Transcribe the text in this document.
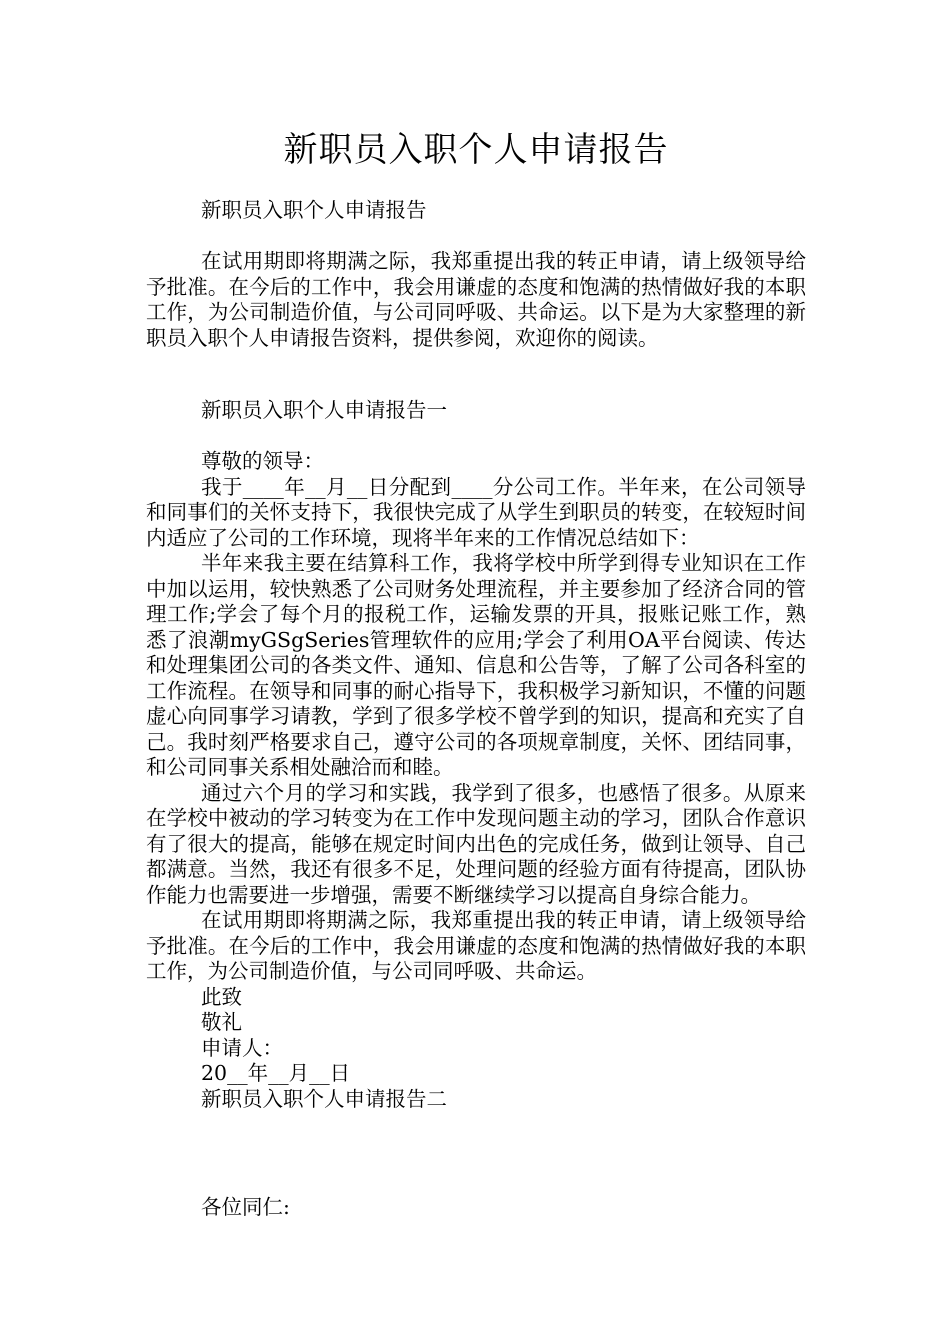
新职员入职个人申请报告

新职员入职个人申请报告

在试用期即将期满之际，我郑重提出我的转正申请，请上级领导给予批准。在今后的工作中，我会用谦虚的态度和饱满的热情做好我的本职工作，为公司制造价值，与公司同呼吸、共命运。以下是为大家整理的新职员入职个人申请报告资料，提供参阅，欢迎你的阅读。

新职员入职个人申请报告一

尊敬的领导：

我于____年__月__日分配到____分公司工作。半年来，在公司领导和同事们的关怀支持下，我很快完成了从学生到职员的转变，在较短时间内适应了公司的工作环境，现将半年来的工作情况总结如下：

半年来我主要在结算科工作，我将学校中所学到得专业知识在工作中加以运用，较快熟悉了公司财务处理流程，并主要参加了经济合同的管理工作;学会了每个月的报税工作，运输发票的开具，报账记账工作，熟悉了浪潮myGSgSeries管理软件的应用;学会了利用OA平台阅读、传达和处理集团公司的各类文件、通知、信息和公告等，了解了公司各科室的工作流程。在领导和同事的耐心指导下，我积极学习新知识，不懂的问题虚心向同事学习请教，学到了很多学校不曾学到的知识，提高和充实了自己。我时刻严格要求自己，遵守公司的各项规章制度，关怀、团结同事，和公司同事关系相处融洽而和睦。

通过六个月的学习和实践，我学到了很多，也感悟了很多。从原来在学校中被动的学习转变为在工作中发现问题主动的学习，团队合作意识有了很大的提高，能够在规定时间内出色的完成任务，做到让领导、自己都满意。当然，我还有很多不足，处理问题的经验方面有待提高，团队协作能力也需要进一步增强，需要不断继续学习以提高自身综合能力。

在试用期即将期满之际，我郑重提出我的转正申请，请上级领导给予批准。在今后的工作中，我会用谦虚的态度和饱满的热情做好我的本职工作，为公司制造价值，与公司同呼吸、共命运。

此致

敬礼

申请人：

20__年__月__日

新职员入职个人申请报告二

各位同仁:
